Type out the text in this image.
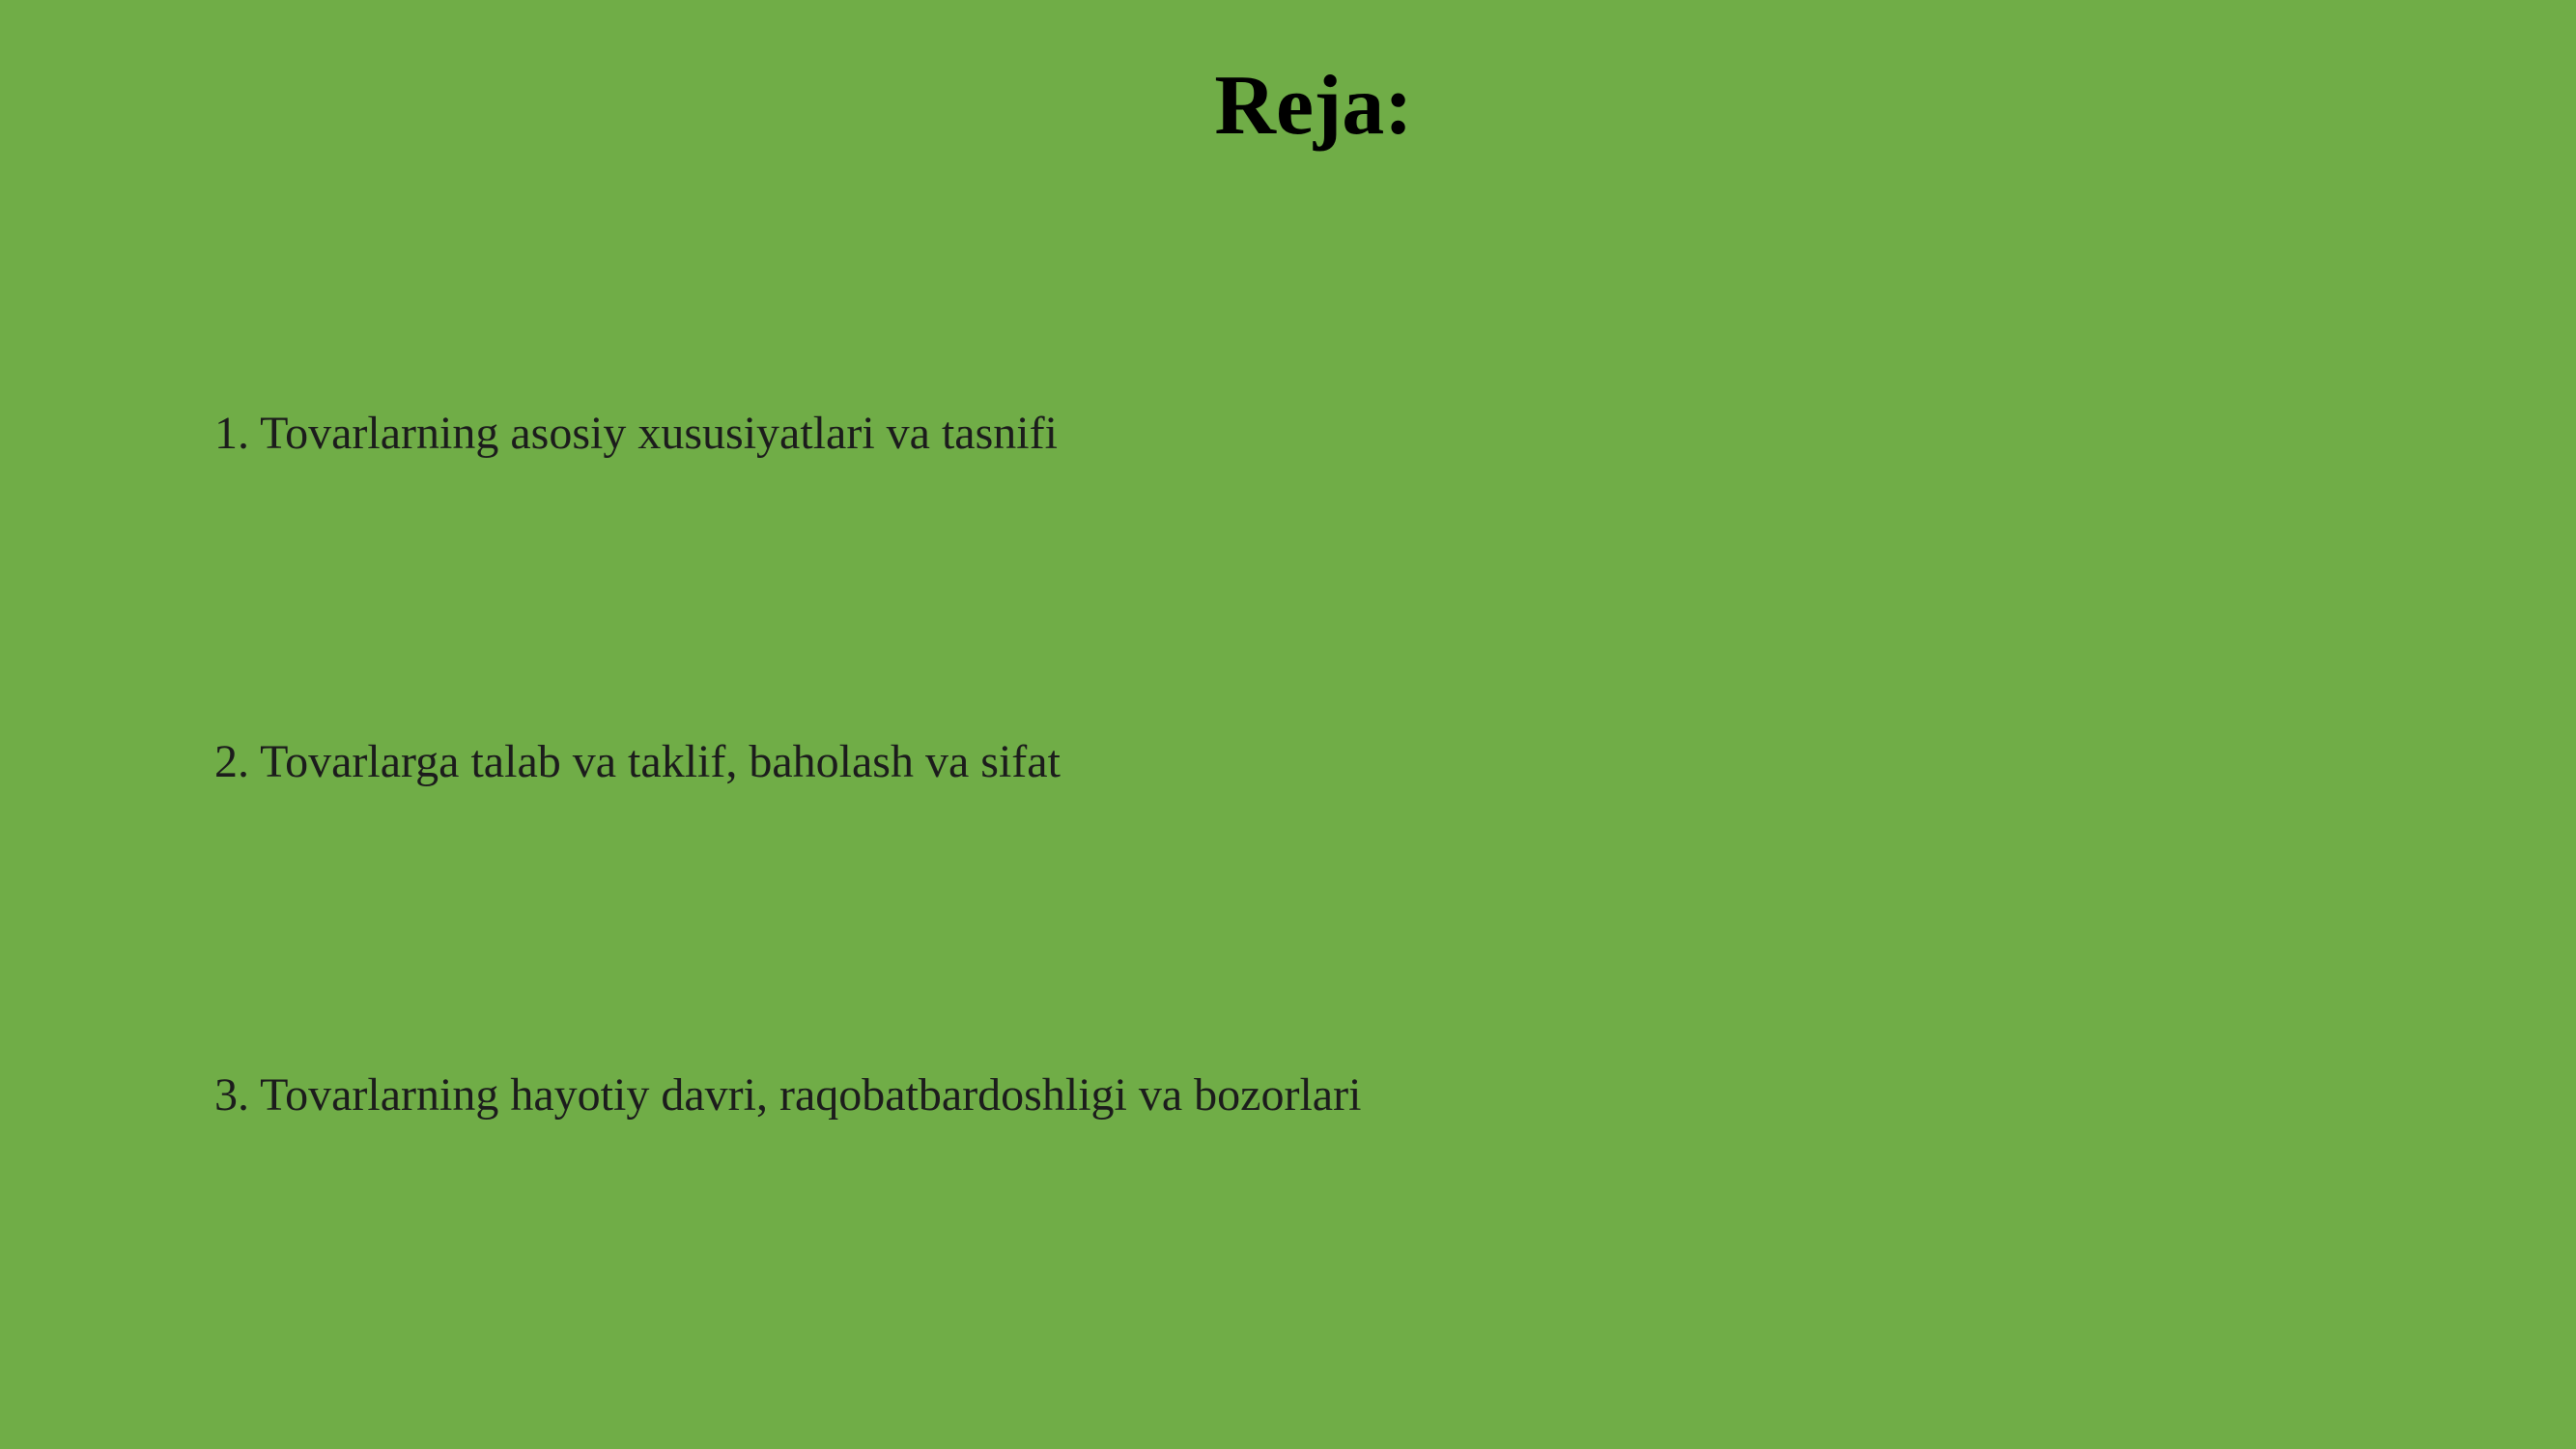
Reja:
1. Tovarlarning asosiy xususiyatlari va tasnifi
2. Tovarlarga talab va taklif, baholash va sifat
3. Tovarlarning hayotiy davri, raqobatbardoshligi va bozorlari
